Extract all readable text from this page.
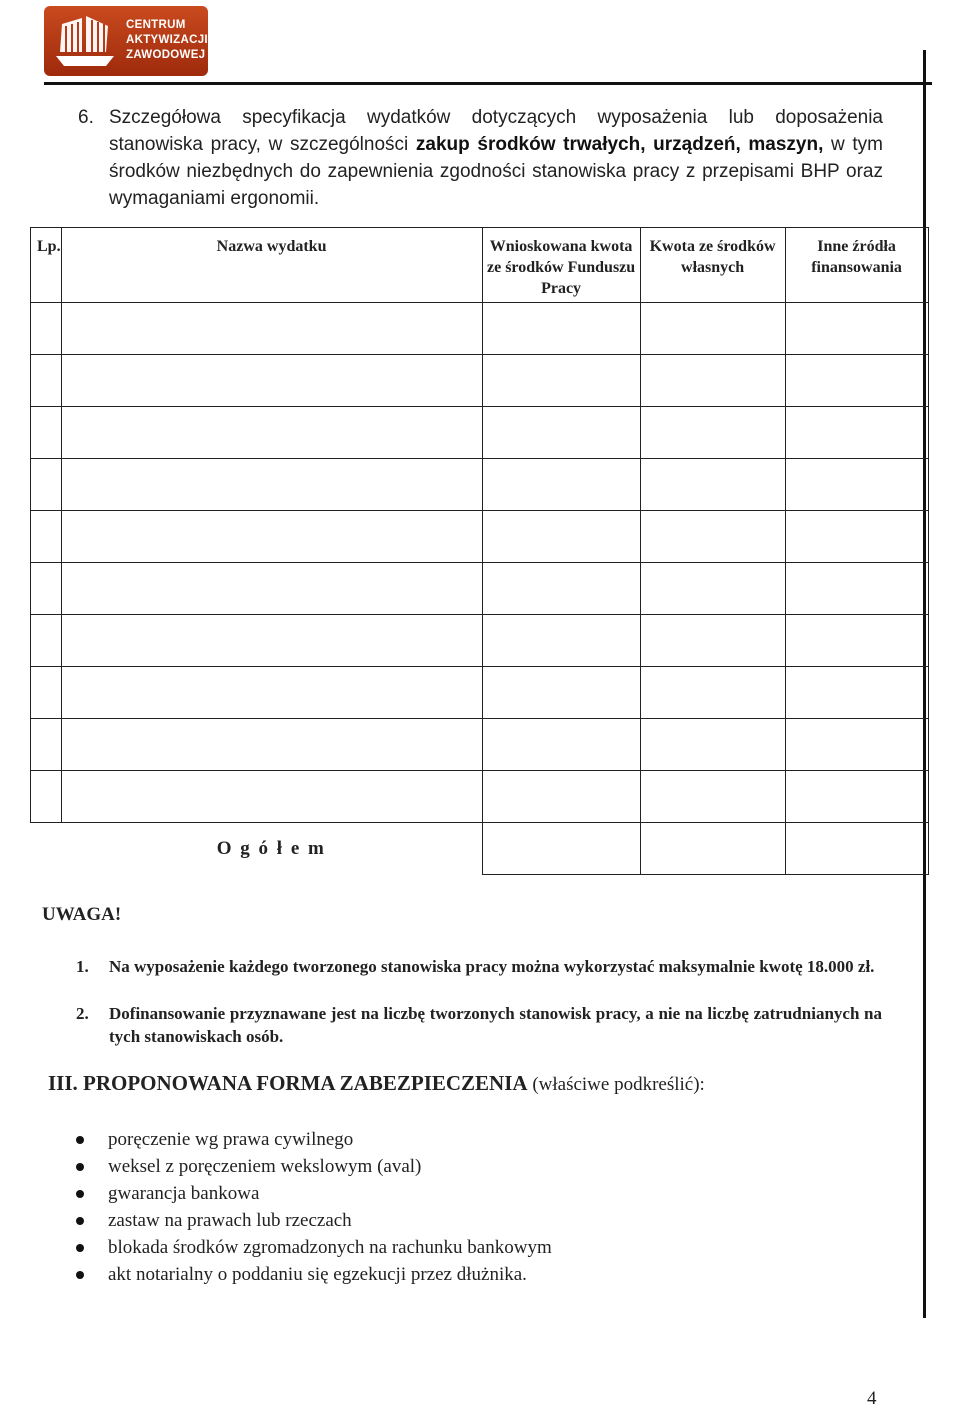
CENTRUM
AKTYWIZACJI
ZAWODOWEJ
6. Szczegółowa specyfikacja wydatków dotyczących wyposażenia lub doposażenia stanowiska pracy, w szczególności zakup środków trwałych, urządzeń, maszyn, w tym środków niezbędnych do zapewnienia zgodności stanowiska pracy z przepisami BHP oraz wymaganiami ergonomii.
Lp.	Nazwa wydatku	Wnioskowana kwota ze środków Funduszu Pracy	Kwota ze środków własnych	Inne źródła finansowania

	O g ó ł e m			
UWAGA!
1. Na wyposażenie każdego tworzonego stanowiska pracy można wykorzystać maksymalnie kwotę 18.000 zł.
2. Dofinansowanie przyznawane jest na liczbę tworzonych stanowisk pracy, a nie na liczbę zatrudnianych na tych stanowiskach osób.
III. PROPONOWANA FORMA ZABEZPIECZENIA (właściwe podkreślić):
poręczenie wg prawa cywilnego
weksel z poręczeniem wekslowym (aval)
gwarancja bankowa
zastaw na prawach lub rzeczach
blokada środków zgromadzonych na rachunku bankowym
akt notarialny o poddaniu się egzekucji przez dłużnika.
4
